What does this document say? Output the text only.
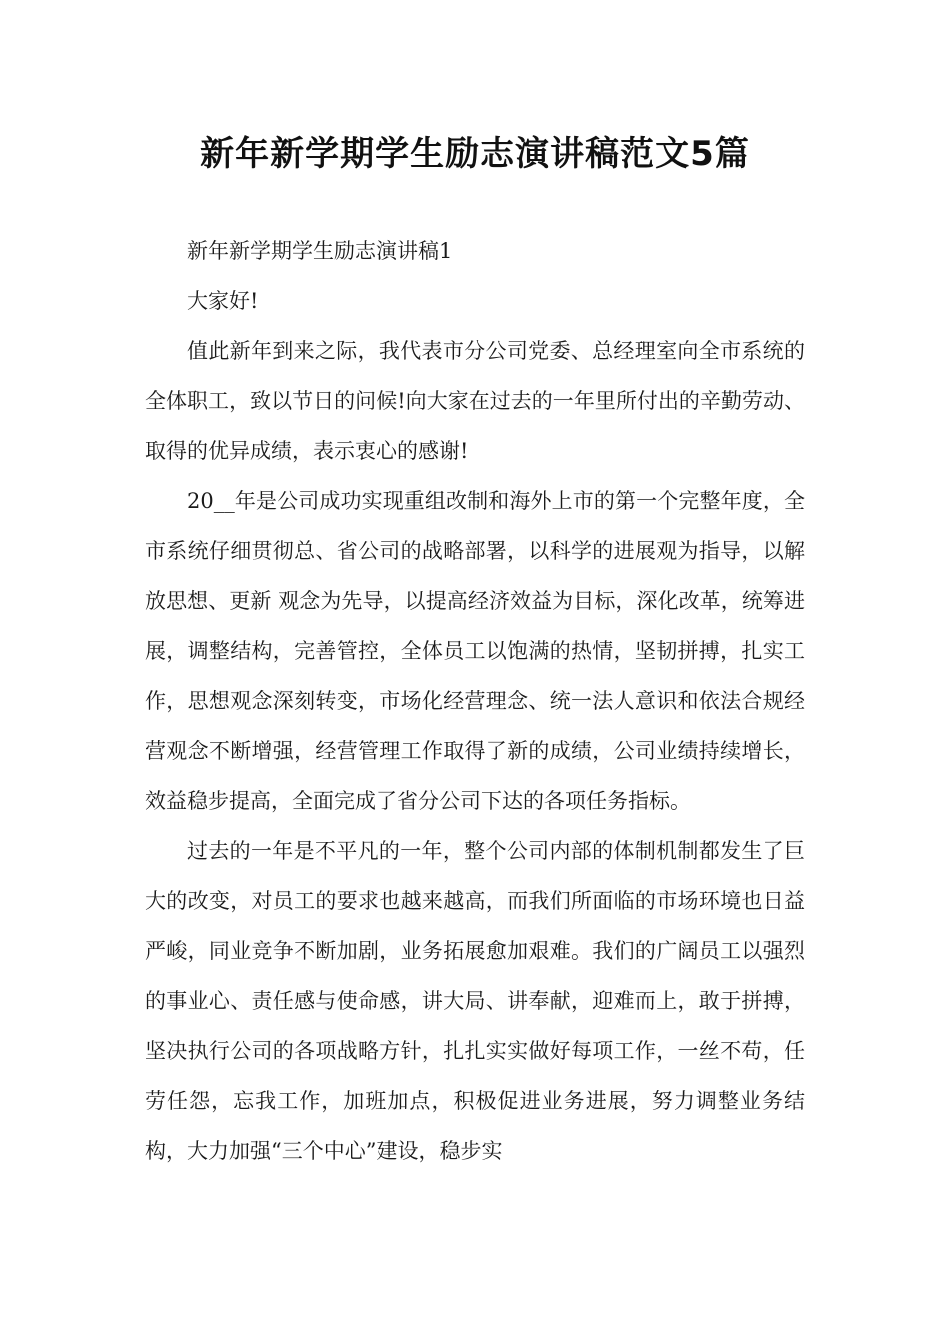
新年新学期学生励志演讲稿范文5篇

新年新学期学生励志演讲稿1

大家好!

值此新年到来之际，我代表市分公司党委、总经理室向全市系统的全体职工，致以节日的问候!向大家在过去的一年里所付出的辛勤劳动、取得的优异成绩，表示衷心的感谢!

20__年是公司成功实现重组改制和海外上市的第一个完整年度，全市系统仔细贯彻总、省公司的战略部署，以科学的进展观为指导，以解放思想、更新 观念为先导，以提高经济效益为目标，深化改革，统筹进展，调整结构，完善管控，全体员工以饱满的热情，坚韧拼搏，扎实工作，思想观念深刻转变，市场化经营理念、统一法人意识和依法合规经营观念不断增强，经营管理工作取得了新的成绩，公司业绩持续增长，效益稳步提高，全面完成了省分公司下达的各项任务指标。

过去的一年是不平凡的一年，整个公司内部的体制机制都发生了巨大的改变，对员工的要求也越来越高，而我们所面临的市场环境也日益严峻，同业竞争不断加剧，业务拓展愈加艰难。我们的广阔员工以强烈的事业心、责任感与使命感，讲大局、讲奉献，迎难而上，敢于拼搏，坚决执行公司的各项战略方针，扎扎实实做好每项工作，一丝不苟，任劳任怨，忘我工作，加班加点，积极促进业务进展，努力调整业务结构，大力加强“三个中心”建设，稳步实
